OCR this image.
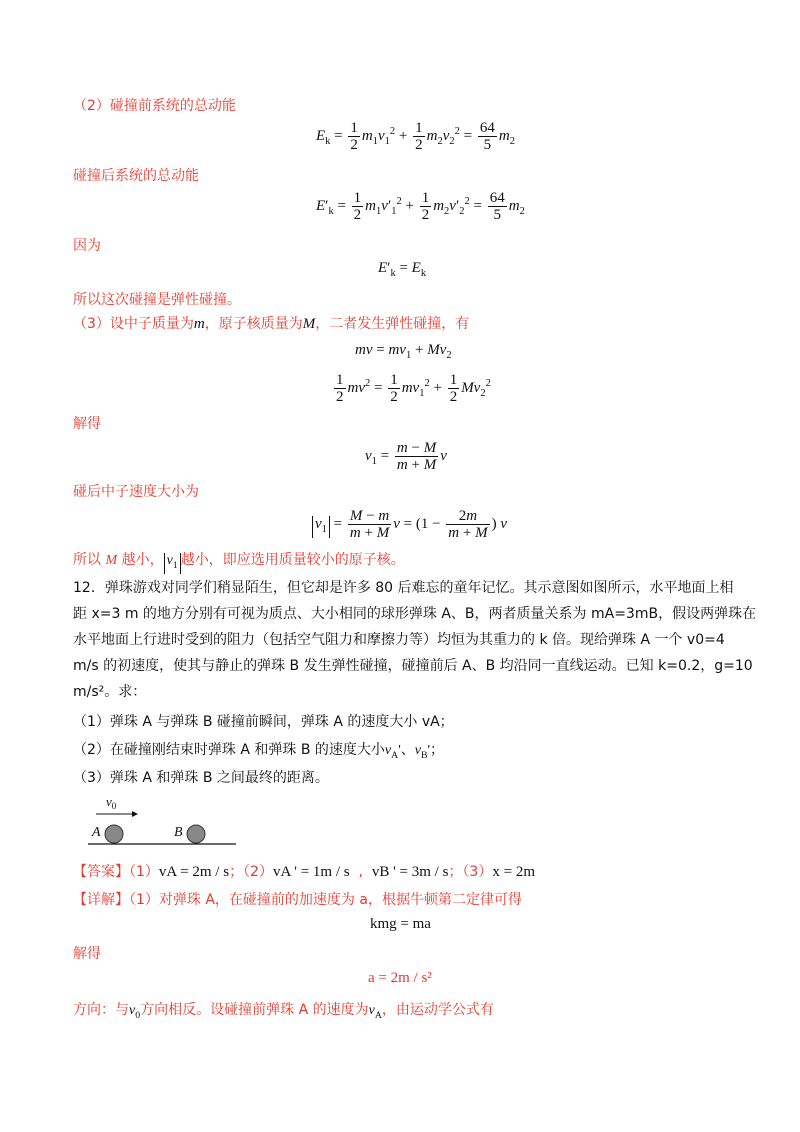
（2）碰撞前系统的总动能
$E_k = \frac{1}{2} m_1v_1^2 + \frac{1}{2} m_2v_2^2 = \frac{64}{5} m_2$
碰撞后系统的总动能
$E'_k = \frac{1}{2} m_1v'_1^2 + \frac{1}{2} m_2v'_2^2 = \frac{64}{5} m_2$
因为
$E'_k = E_k$
所以这次碰撞是弹性碰撞。
（3）设中子质量为m，原子核质量为M，二者发生弹性碰撞，有
mv = $mv_1 + Mv_2$
$\frac{1}{2} mv^2 = \frac{1}{2} mv_1^2 + \frac{1}{2} Mv_2^2$
解得
$v_1 = \frac{m - M}{m + M}$ v
碰后中子速度大小为
$v_1 = \frac{M - m}{m + M}$ $v = (1 - \frac{2m}{m + M}$ ) v
所以 M 越小， $v_1$ 越小，即应选用质量较小的原子核。
12．弹珠游戏对同学们稍显陌生，但它却是许多 80 后难忘的童年记忆。其示意图如图所示，水平地面上相
距 x=3 m 的地方分别有可视为质点、大小相同的球形弹珠 A、B，两者质量关系为 mA=3mB，假设两弹珠在
水平地面上行进时受到的阻力（包括空气阻力和摩擦力等）均恒为其重力的 k 倍。现给弹珠 A 一个 v0=4
m/s 的初速度，使其与静止的弹珠 B 发生弹性碰撞，碰撞前后 A、B 均沿同一直线运动。已知 k=0.2，g=10
m/s²。求：
（1）弹珠 A 与弹珠 B 碰撞前瞬间，弹珠 A 的速度大小 vA；
（2）在碰撞刚结束时弹珠 A 和弹珠 B 的速度大小$v_A'$、$v_B'$；
（3）弹珠 A 和弹珠 B 之间最终的距离。
$v_0$
A	B
【答案】（1）vA = 2m / s；（2）vA ' = 1m / s  ,  vB ' = 3m / s；（3）x = 2m
【详解】（1）对弹珠 A，在碰撞前的加速度为 a，根据牛顿第二定律可得
kmg = ma
解得
a = 2m / s²
方向：与$v_0$方向相反。设碰撞前弹珠 A 的速度为$v_A$，由运动学公式有
